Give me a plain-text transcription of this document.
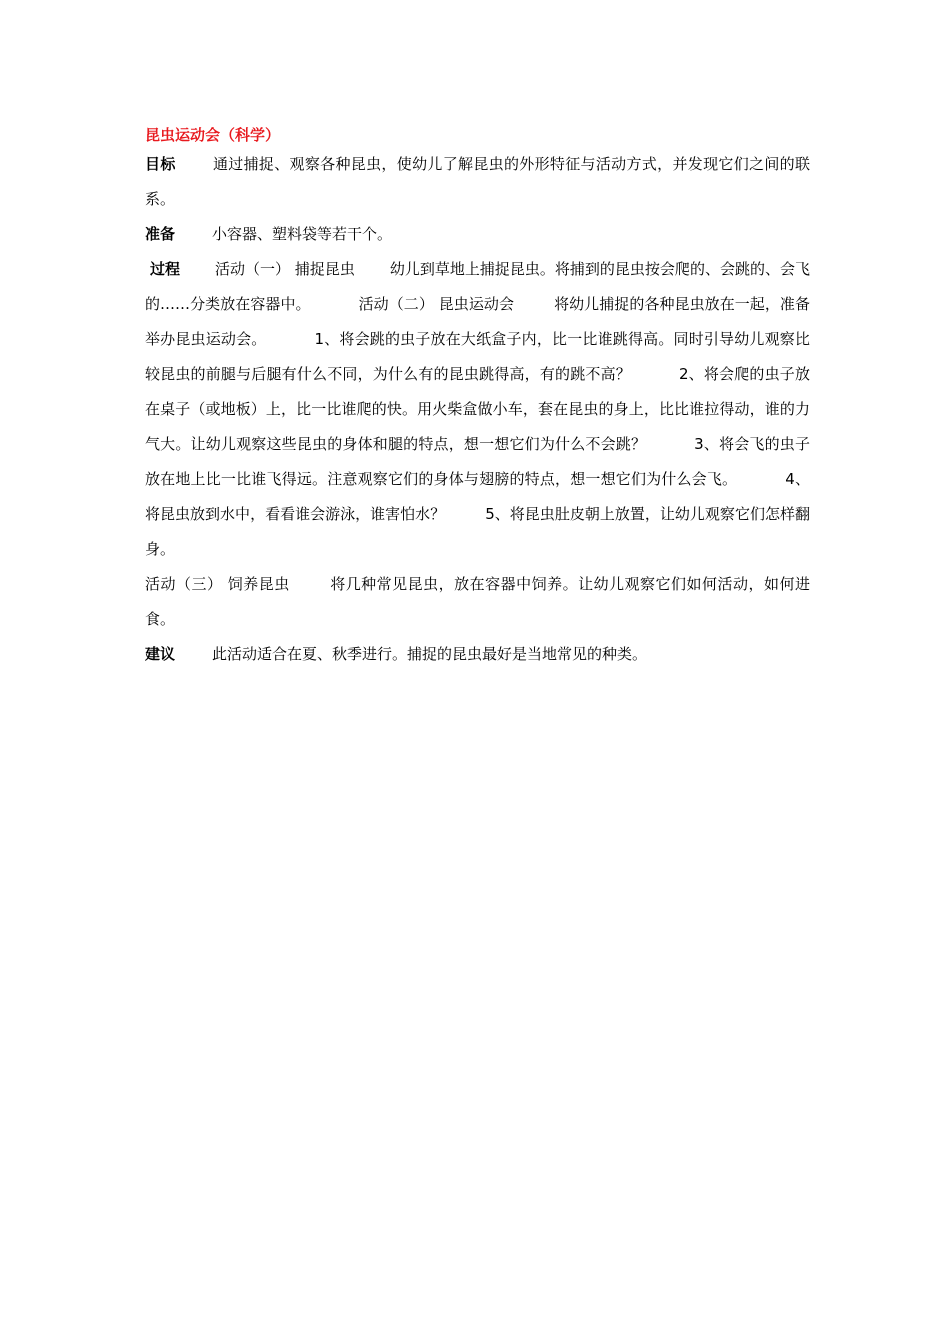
昆虫运动会（科学）

目标 通过捕捉、观察各种昆虫，使幼儿了解昆虫的外形特征与活动方式，并发现它们之间的联系。

准备 小容器、塑料袋等若干个。

过程 活动（一） 捕捉昆虫 幼儿到草地上捕捉昆虫。将捕到的昆虫按会爬的、会跳的、会飞的……分类放在容器中。	活动（二） 昆虫运动会	将幼儿捕捉的各种昆虫放在一起，准备举办昆虫运动会。	1、将会跳的虫子放在大纸盒子内，比一比谁跳得高。同时引导幼儿观察比较昆虫的前腿与后腿有什么不同，为什么有的昆虫跳得高，有的跳不高？	2、将会爬的虫子放在桌子（或地板）上，比一比谁爬的快。用火柴盒做小车，套在昆虫的身上，比比谁拉得动，谁的力气大。让幼儿观察这些昆虫的身体和腿的特点，想一想它们为什么不会跳？	3、将会飞的虫子放在地上比一比谁飞得远。注意观察它们的身体与翅膀的特点，想一想它们为什么会飞。	4、将昆虫放到水中，看看谁会游泳，谁害怕水？	5、将昆虫肚皮朝上放置，让幼儿观察它们怎样翻身。
活动（三） 饲养昆虫	将几种常见昆虫，放在容器中饲养。让幼儿观察它们如何活动，如何进食。

建议 此活动适合在夏、秋季进行。捕捉的昆虫最好是当地常见的种类。
